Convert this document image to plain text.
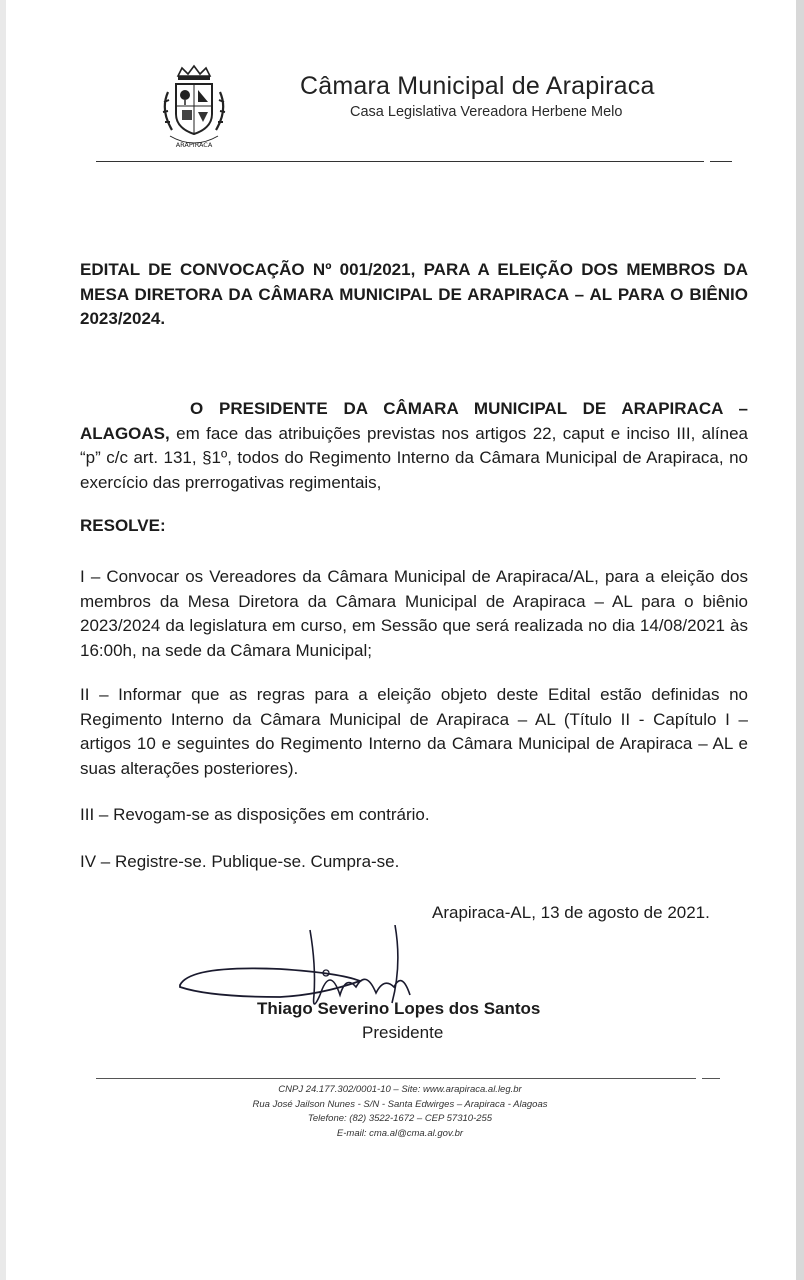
ARAPIRACA
Câmara Municipal de Arapiraca
Casa Legislativa Vereadora Herbene Melo
EDITAL DE CONVOCAÇÃO Nº 001/2021, PARA A ELEIÇÃO DOS MEMBROS DA MESA DIRETORA DA CÂMARA MUNICIPAL DE ARAPIRACA – AL PARA O BIÊNIO 2023/2024.
O PRESIDENTE DA CÂMARA MUNICIPAL DE ARAPIRACA – ALAGOAS, em face das atribuições previstas nos artigos 22, caput e inciso III, alínea “p” c/c art. 131, §1º, todos do Regimento Interno da Câmara Municipal de Arapiraca, no exercício das prerrogativas regimentais,
RESOLVE:
I – Convocar os Vereadores da Câmara Municipal de Arapiraca/AL, para a eleição dos membros da Mesa Diretora da Câmara Municipal de Arapiraca – AL para o biênio 2023/2024 da legislatura em curso, em Sessão que será realizada no dia 14/08/2021 às 16:00h, na sede da Câmara Municipal;
II – Informar que as regras para a eleição objeto deste Edital estão definidas no Regimento Interno da Câmara Municipal de Arapiraca – AL (Título II - Capítulo I – artigos 10 e seguintes do Regimento Interno da Câmara Municipal de Arapiraca – AL e suas alterações posteriores).
III – Revogam-se as disposições em contrário.
IV – Registre-se. Publique-se. Cumpra-se.
Arapiraca-AL, 13 de agosto de 2021.
Thiago Severino Lopes dos Santos
Presidente
CNPJ 24.177.302/0001-10 – Site: www.arapiraca.al.leg.br
Rua José Jailson Nunes - S/N - Santa Edwirges – Arapiraca - Alagoas
Telefone: (82) 3522-1672 – CEP 57310-255
E-mail: cma.al@cma.al.gov.br
